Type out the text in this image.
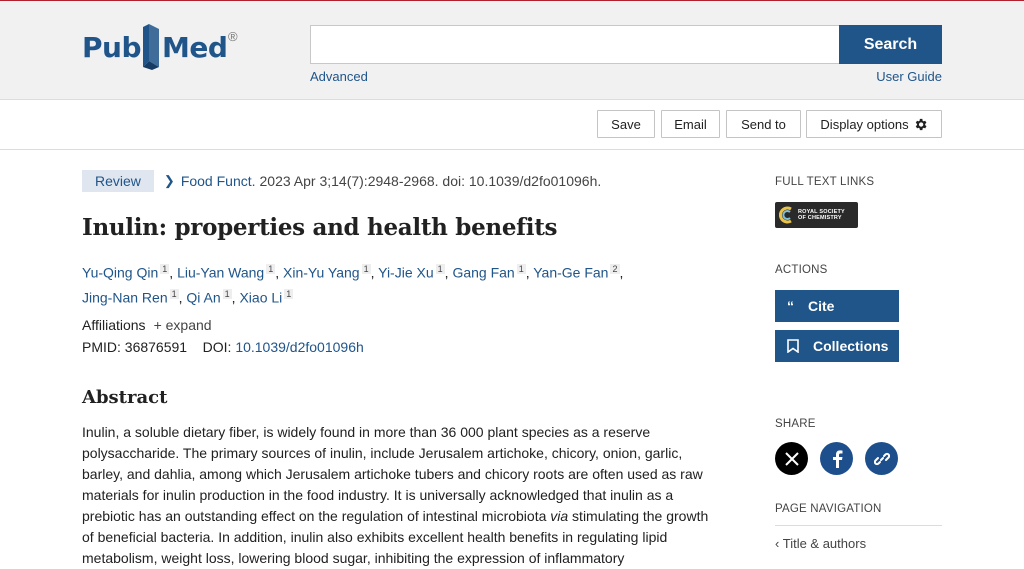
Pub Med ®	Search
Advanced	User Guide
Save	Email	Send to	Display options
Review	❯ Food Funct. 2023 Apr 3;14(7):2948-2968. doi: 10.1039/d2fo01096h.
Inulin: properties and health benefits
Yu-Qing Qin $^1$ , Liu-Yan Wang $^1$ , Xin-Yu Yang $^1$ , Yi-Jie Xu $^1$ , Gang Fan $^1$ , Yan-Ge Fan $^2$ ,
Jing-Nan Ren $^1$ , Qi An $^1$ , Xiao Li $^1$
Affiliations + expand
PMID: 36876591 DOI: 10.1039/d2fo01096h
Abstract

Inulin, a soluble dietary fiber, is widely found in more than 36 000 plant species as a reserve polysaccharide. The primary sources of inulin, include Jerusalem artichoke, chicory, onion, garlic, barley, and dahlia, among which Jerusalem artichoke tubers and chicory roots are often used as raw materials for inulin production in the food industry. It is universally acknowledged that inulin as a prebiotic has an outstanding effect on the regulation of intestinal microbiota via stimulating the growth of beneficial bacteria. In addition, inulin also exhibits excellent health benefits in regulating lipid metabolism, weight loss, lowering blood sugar, inhibiting the expression of inflammatory

FULL TEXT LINKS
ROYAL SOCIETY
OF CHEMISTRY
ACTIONS
“ Cite
Collections
SHARE
PAGE NAVIGATION
‹ Title & authors
